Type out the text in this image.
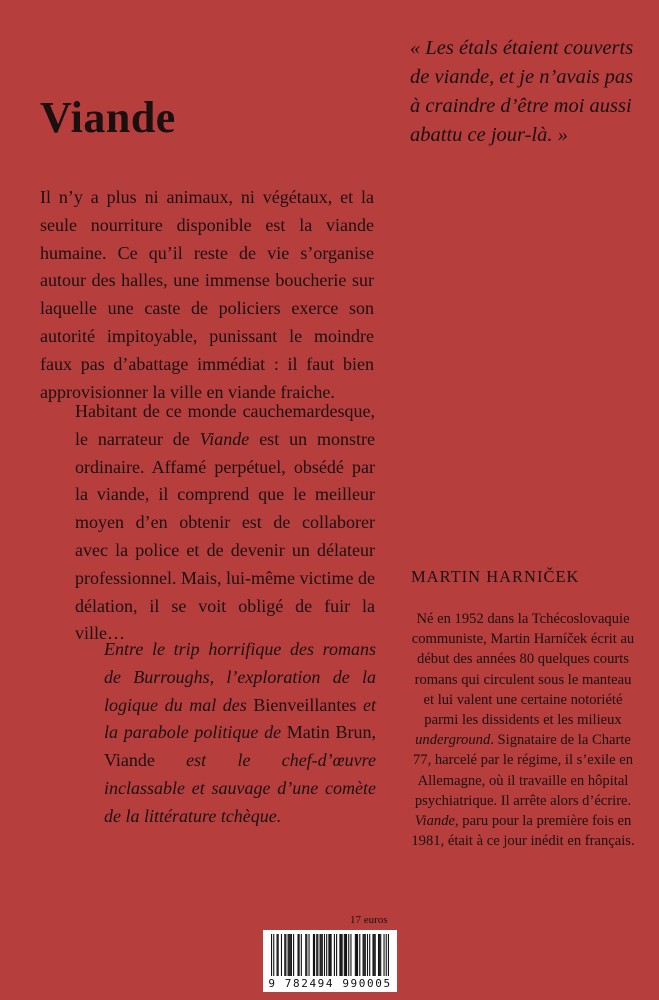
Viande

« Les étals étaient couverts de viande, et je n’avais pas à craindre d’être moi aussi abattu ce jour-là. »

Il n’y a plus ni animaux, ni végétaux, et la seule nourriture disponible est la viande humaine. Ce qu’il reste de vie s’organise autour des halles, une immense boucherie sur laquelle une caste de policiers exerce son autorité impitoyable, punissant le moindre faux pas d’abattage immédiat : il faut bien approvisionner la ville en viande fraiche.

Habitant de ce monde cauchemardesque, le narrateur de Viande est un monstre ordinaire. Affamé perpétuel, obsédé par la viande, il comprend que le meilleur moyen d’en obtenir est de collaborer avec la police et de devenir un délateur professionnel. Mais, lui-même victime de délation, il se voit obligé de fuir la ville…

Entre le trip horrifique des romans de Burroughs, l’exploration de la logique du mal des Bienveillantes et la parabole politique de Matin Brun, Viande est le chef-d’œuvre inclassable et sauvage d’une comète de la littérature tchèque.

MARTIN HARNIČEK

Né en 1952 dans la Tchécoslovaquie communiste, Martin Harníček écrit au début des années 80 quelques courts romans qui circulent sous le manteau et lui valent une certaine notoriété parmi les dissidents et les milieux underground. Signataire de la Charte 77, harcelé par le régime, il s’exile en Allemagne, où il travaille en hôpital psychiatrique. Il arrête alors d’écrire. Viande, paru pour la première fois en 1981, était à ce jour inédit en français.

17 euros

9 782494 990005
